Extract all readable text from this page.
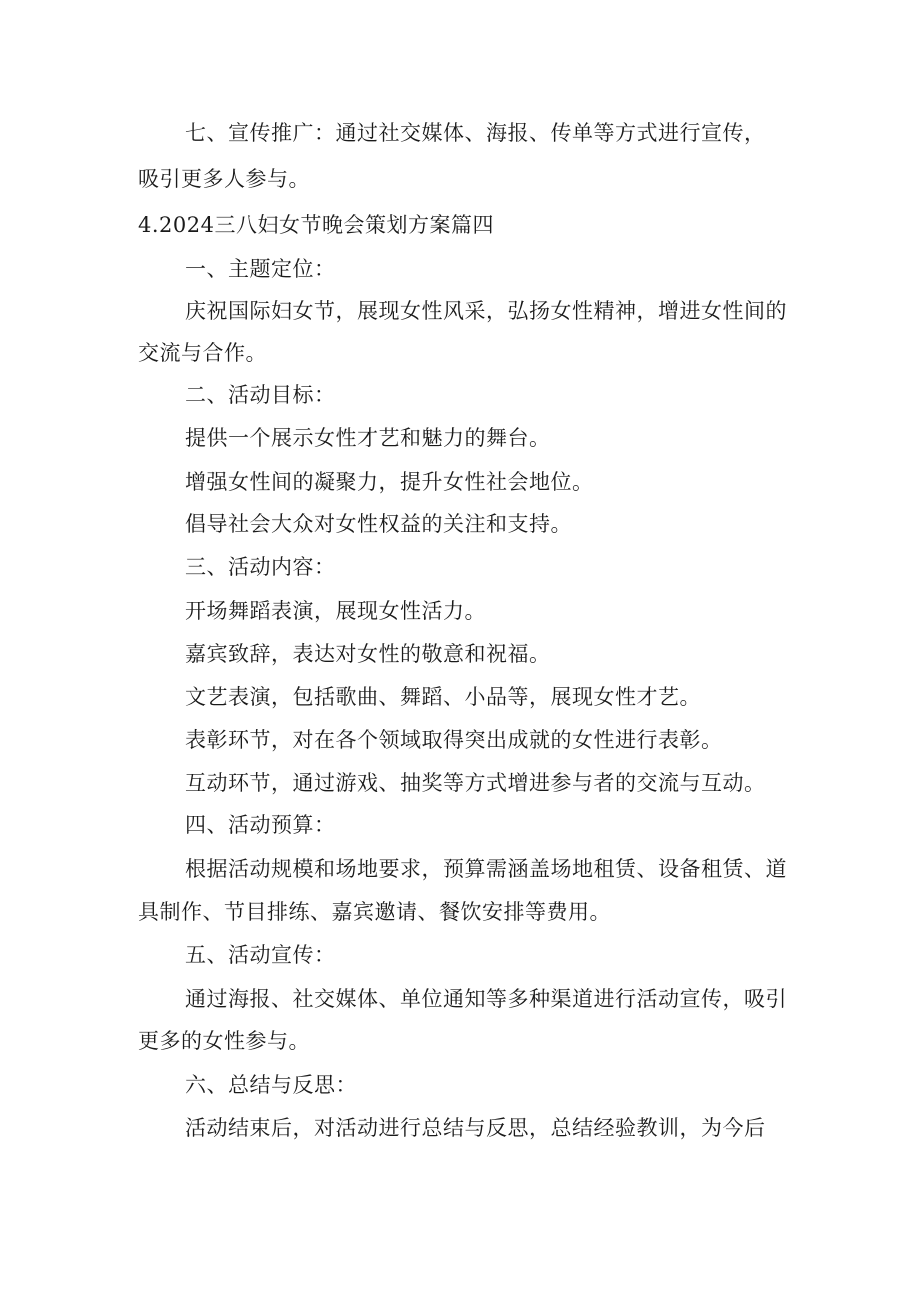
七、宣传推广：通过社交媒体、海报、传单等方式进行宣传，
吸引更多人参与。
4.2024三八妇女节晚会策划方案篇四
一、主题定位：
庆祝国际妇女节，展现女性风采，弘扬女性精神，增进女性间的
交流与合作。
二、活动目标：
提供一个展示女性才艺和魅力的舞台。
增强女性间的凝聚力，提升女性社会地位。
倡导社会大众对女性权益的关注和支持。
三、活动内容：
开场舞蹈表演，展现女性活力。
嘉宾致辞，表达对女性的敬意和祝福。
文艺表演，包括歌曲、舞蹈、小品等，展现女性才艺。
表彰环节，对在各个领域取得突出成就的女性进行表彰。
互动环节，通过游戏、抽奖等方式增进参与者的交流与互动。
四、活动预算：
根据活动规模和场地要求，预算需涵盖场地租赁、设备租赁、道
具制作、节目排练、嘉宾邀请、餐饮安排等费用。
五、活动宣传：
通过海报、社交媒体、单位通知等多种渠道进行活动宣传，吸引
更多的女性参与。
六、总结与反思：
活动结束后，对活动进行总结与反思，总结经验教训，为今后
